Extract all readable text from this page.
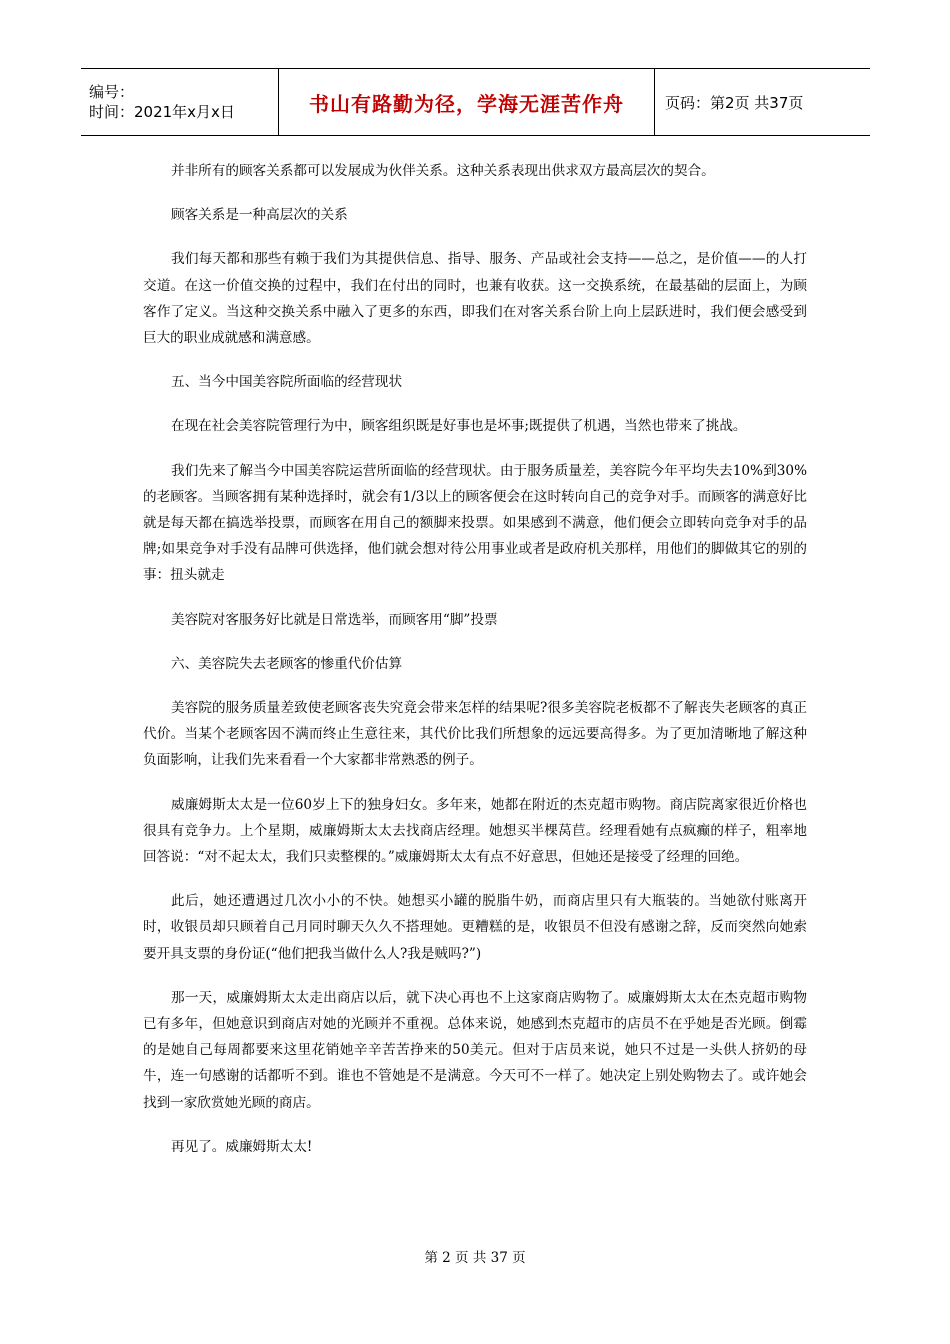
编号：
时间：2021年x月x日	书山有路勤为径，学海无涯苦作舟	页码：第2页 共37页

并非所有的顾客关系都可以发展成为伙伴关系。这种关系表现出供求双方最高层次的契合。

顾客关系是一种高层次的关系

我们每天都和那些有赖于我们为其提供信息、指导、服务、产品或社会支持——总之，是价值——的人打交道。在这一价值交换的过程中，我们在付出的同时，也兼有收获。这一交换系统，在最基础的层面上，为顾客作了定义。当这种交换关系中融入了更多的东西，即我们在对客关系台阶上向上层跃进时，我们便会感受到巨大的职业成就感和满意感。

五、当今中国美容院所面临的经营现状

在现在社会美容院管理行为中，顾客组织既是好事也是坏事;既提供了机遇，当然也带来了挑战。

我们先来了解当今中国美容院运营所面临的经营现状。由于服务质量差，美容院今年平均失去10%到30%的老顾客。当顾客拥有某种选择时，就会有1/3以上的顾客便会在这时转向自己的竞争对手。而顾客的满意好比就是每天都在搞选举投票，而顾客在用自己的额脚来投票。如果感到不满意，他们便会立即转向竞争对手的品牌;如果竞争对手没有品牌可供选择，他们就会想对待公用事业或者是政府机关那样，用他们的脚做其它的别的事：扭头就走

美容院对客服务好比就是日常选举，而顾客用“脚”投票

六、美容院失去老顾客的惨重代价估算

美容院的服务质量差致使老顾客丧失究竟会带来怎样的结果呢?很多美容院老板都不了解丧失老顾客的真正代价。当某个老顾客因不满而终止生意往来，其代价比我们所想象的远远要高得多。为了更加清晰地了解这种负面影响，让我们先来看看一个大家都非常熟悉的例子。

威廉姆斯太太是一位60岁上下的独身妇女。多年来，她都在附近的杰克超市购物。商店院离家很近价格也很具有竞争力。上个星期，威廉姆斯太太去找商店经理。她想买半棵莴苣。经理看她有点疯癫的样子，粗率地回答说：“对不起太太，我们只卖整棵的。”威廉姆斯太太有点不好意思，但她还是接受了经理的回绝。

此后，她还遭遇过几次小小的不快。她想买小罐的脱脂牛奶，而商店里只有大瓶装的。当她欲付账离开时，收银员却只顾着自己月同时聊天久久不搭理她。更糟糕的是，收银员不但没有感谢之辞，反而突然向她索要开具支票的身份证(“他们把我当做什么人?我是贼吗?”)

那一天，威廉姆斯太太走出商店以后，就下决心再也不上这家商店购物了。威廉姆斯太太在杰克超市购物已有多年，但她意识到商店对她的光顾并不重视。总体来说，她感到杰克超市的店员不在乎她是否光顾。倒霉的是她自己每周都要来这里花销她辛辛苦苦挣来的50美元。但对于店员来说，她只不过是一头供人挤奶的母牛，连一句感谢的话都听不到。谁也不管她是不是满意。今天可不一样了。她决定上别处购物去了。或许她会找到一家欣赏她光顾的商店。

再见了。威廉姆斯太太!

第 2 页 共 37 页
